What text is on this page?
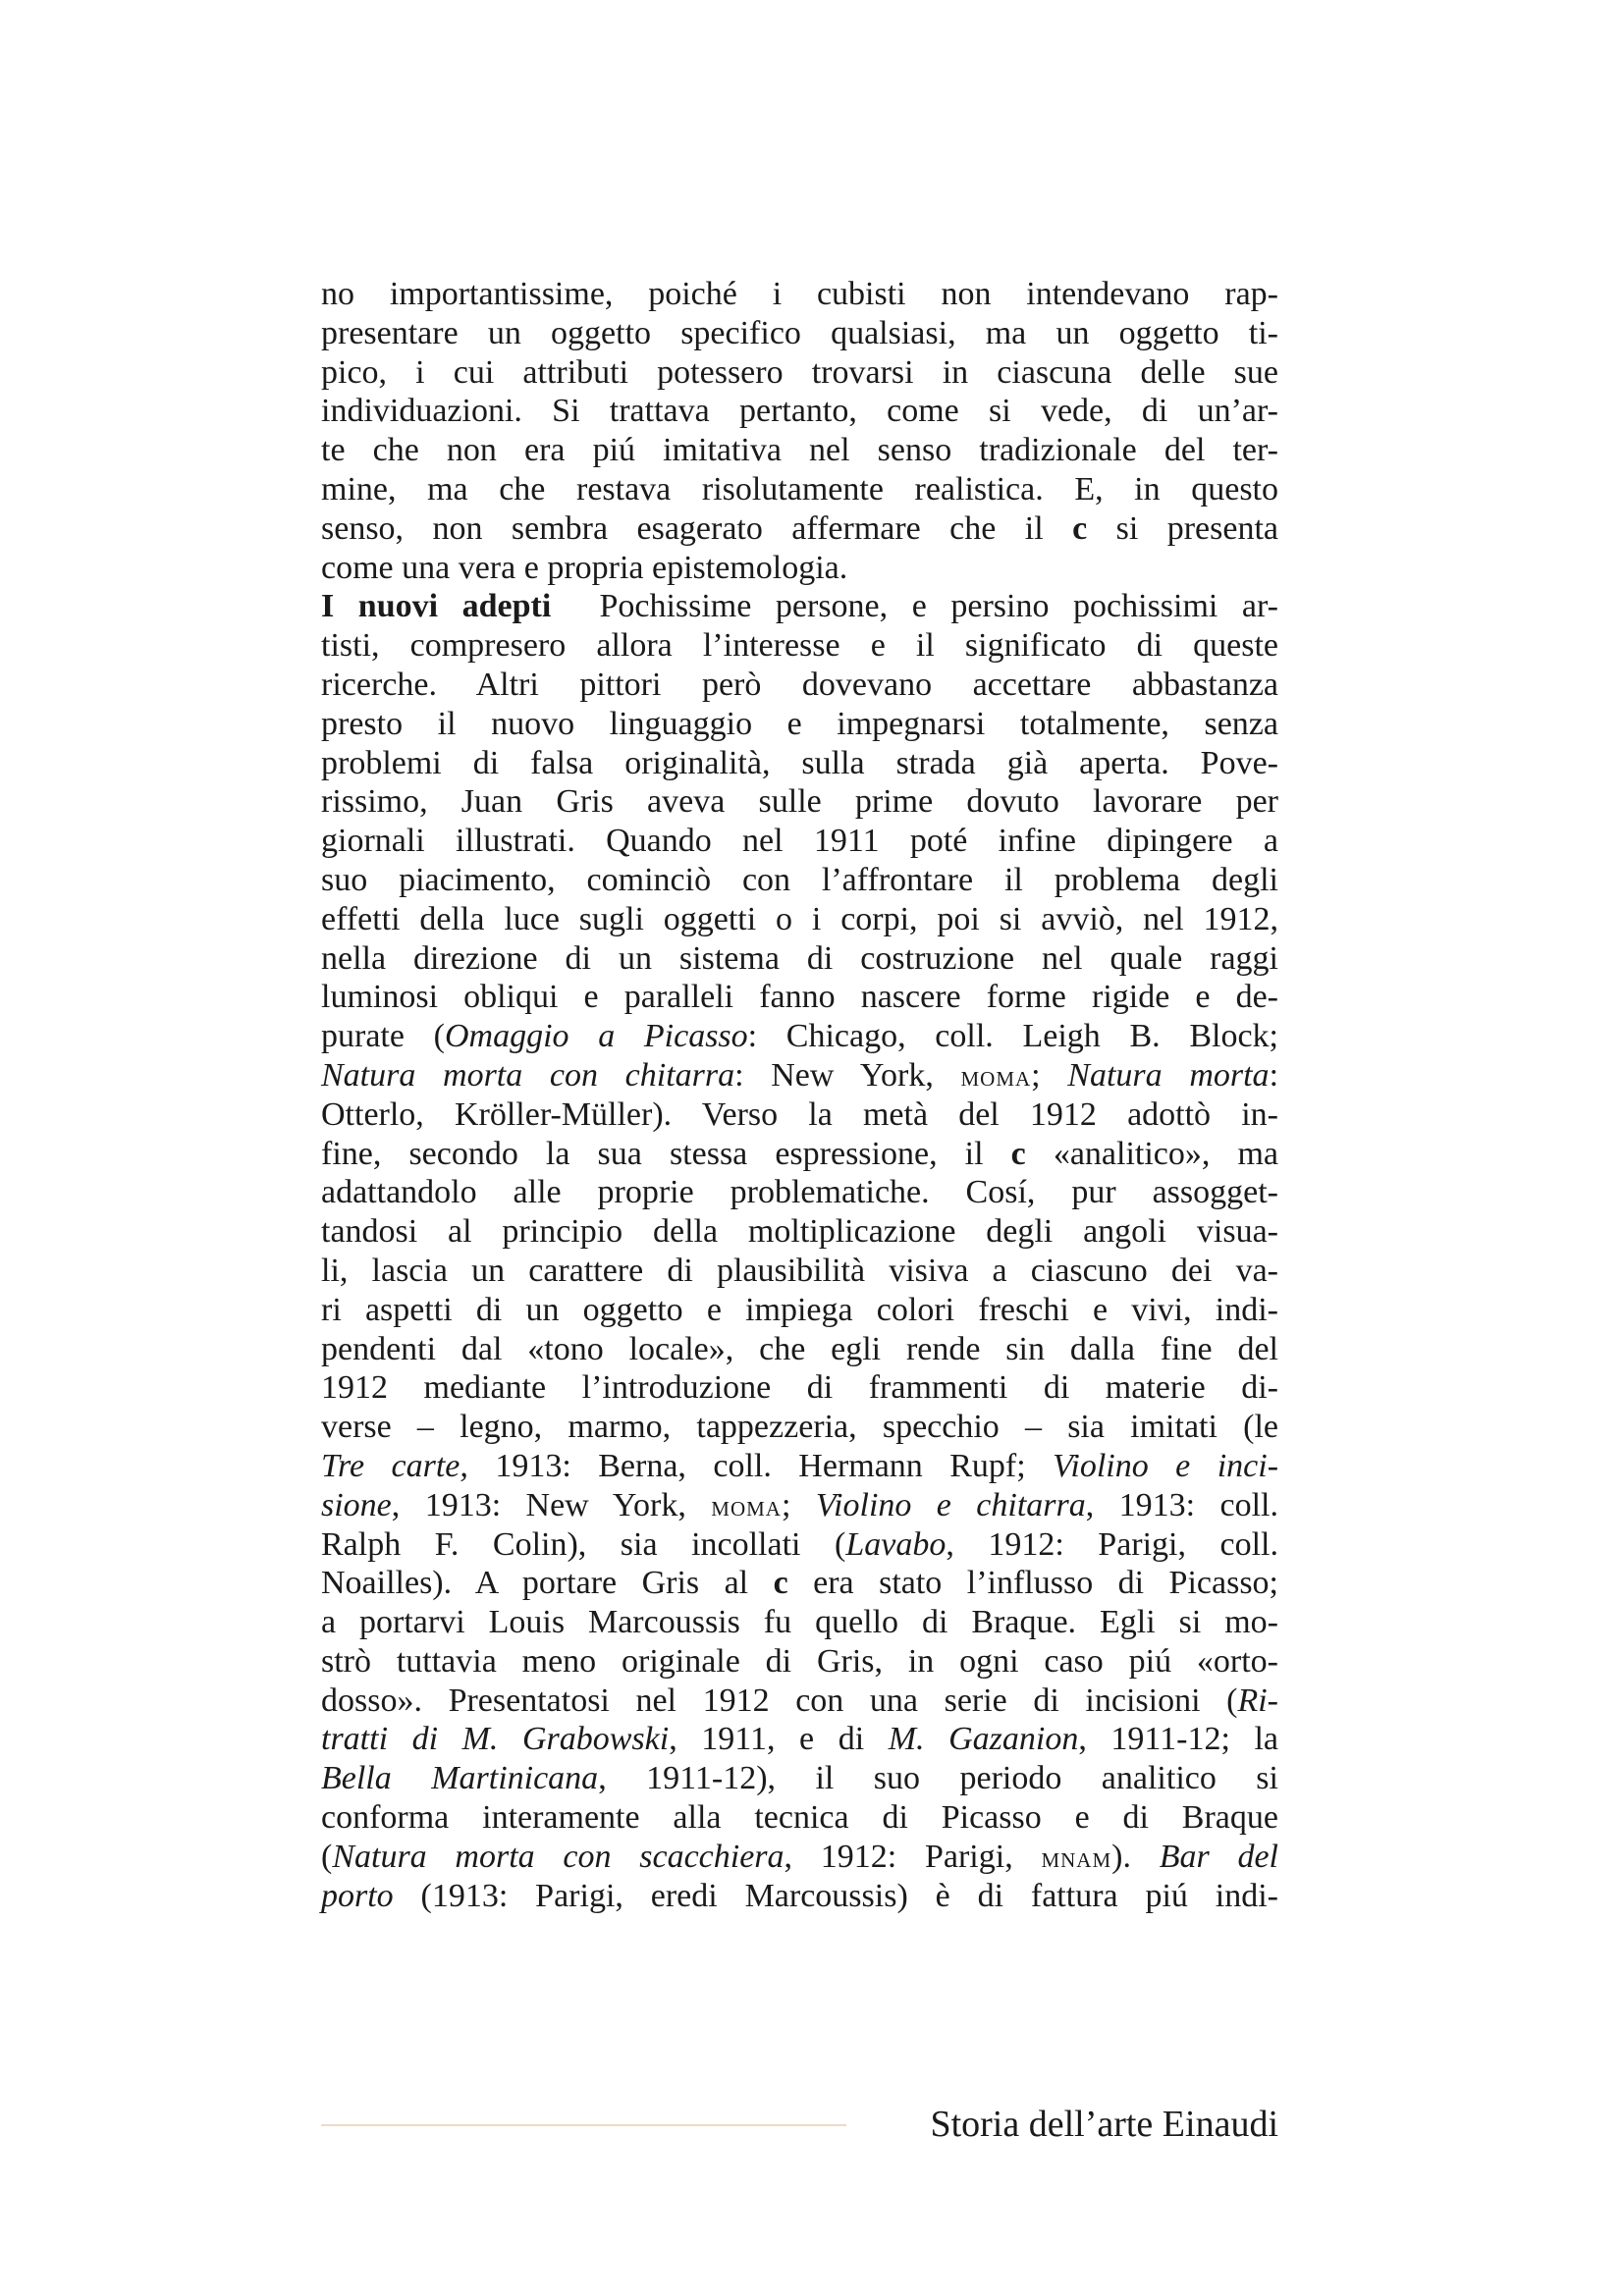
no importantissime, poiché i cubisti non intendevano rap-
presentare un oggetto specifico qualsiasi, ma un oggetto ti-
pico, i cui attributi potessero trovarsi in ciascuna delle sue
individuazioni. Si trattava pertanto, come si vede, di un’ar-
te che non era piú imitativa nel senso tradizionale del ter-
mine, ma che restava risolutamente realistica. E, in questo
senso, non sembra esagerato affermare che il c si presenta
come una vera e propria epistemologia.
I nuovi adepti  Pochissime persone, e persino pochissimi ar-
tisti, compresero allora l’interesse e il significato di queste
ricerche. Altri pittori però dovevano accettare abbastanza
presto il nuovo linguaggio e impegnarsi totalmente, senza
problemi di falsa originalità, sulla strada già aperta. Pove-
rissimo, Juan Gris aveva sulle prime dovuto lavorare per
giornali illustrati. Quando nel 1911 poté infine dipingere a
suo piacimento, cominciò con l’affrontare il problema degli
effetti della luce sugli oggetti o i corpi, poi si avviò, nel 1912,
nella direzione di un sistema di costruzione nel quale raggi
luminosi obliqui e paralleli fanno nascere forme rigide e de-
purate (Omaggio a Picasso: Chicago, coll. Leigh B. Block;
Natura morta con chitarra: New York, moma; Natura morta:
Otterlo, Kröller-Müller). Verso la metà del 1912 adottò in-
fine, secondo la sua stessa espressione, il c «analitico», ma
adattandolo alle proprie problematiche. Cosí, pur assogget-
tandosi al principio della moltiplicazione degli angoli visua-
li, lascia un carattere di plausibilità visiva a ciascuno dei va-
ri aspetti di un oggetto e impiega colori freschi e vivi, indi-
pendenti dal «tono locale», che egli rende sin dalla fine del
1912 mediante l’introduzione di frammenti di materie di-
verse – legno, marmo, tappezzeria, specchio – sia imitati (le
Tre carte, 1913: Berna, coll. Hermann Rupf; Violino e inci-
sione, 1913: New York, moma; Violino e chitarra, 1913: coll.
Ralph F. Colin), sia incollati (Lavabo, 1912: Parigi, coll.
Noailles). A portare Gris al c era stato l’influsso di Picasso;
a portarvi Louis Marcoussis fu quello di Braque. Egli si mo-
strò tuttavia meno originale di Gris, in ogni caso piú «orto-
dosso». Presentatosi nel 1912 con una serie di incisioni (Ri-
tratti di M. Grabowski, 1911, e di M. Gazanion, 1911-12; la
Bella Martinicana, 1911-12), il suo periodo analitico si
conforma interamente alla tecnica di Picasso e di Braque
(Natura morta con scacchiera, 1912: Parigi, mnam). Bar del
porto (1913: Parigi, eredi Marcoussis) è di fattura piú indi-
Storia dell’arte Einaudi
